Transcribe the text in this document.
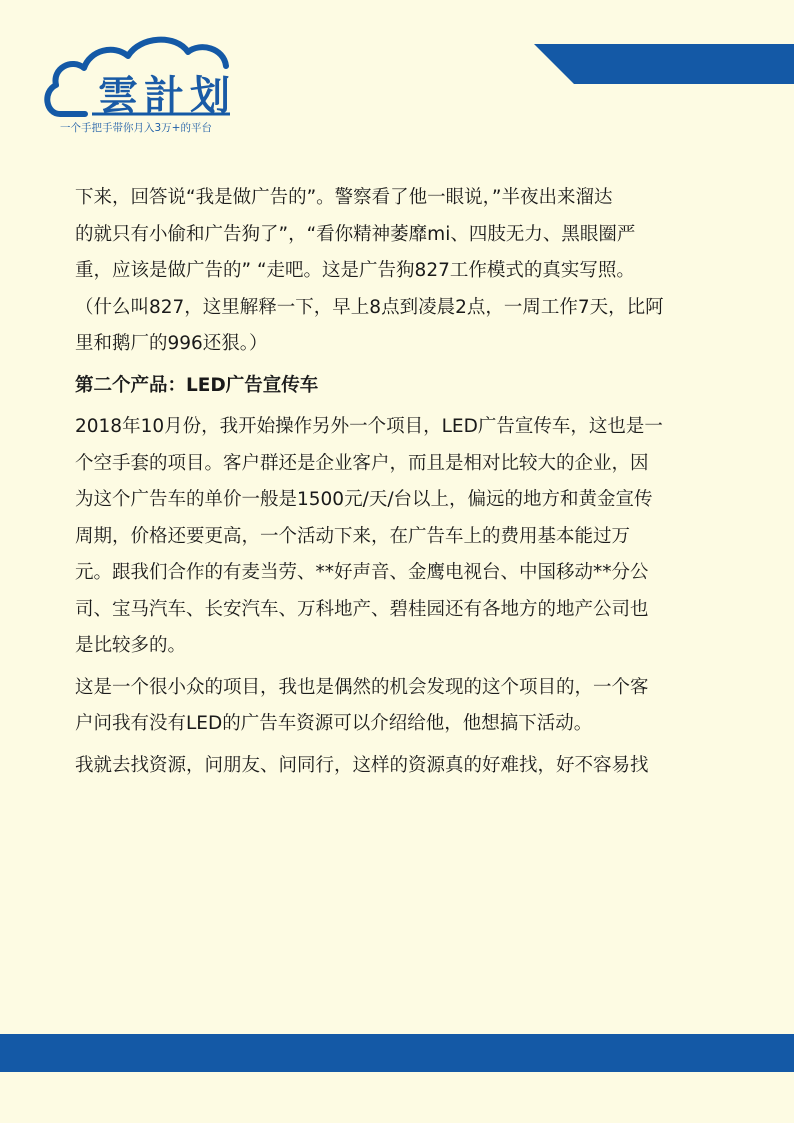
雲計划
一个手把手带你月入3万+的平台

下来，回答说“我是做广告的”。警察看了他一眼说，”半夜出来溜达
的就只有小偷和广告狗了”，“看你精神萎靡mi、四肢无力、黑眼圈严
重，应该是做广告的” “走吧。这是广告狗827工作模式的真实写照。
（什么叫827，这里解释一下，早上8点到凌晨2点，一周工作7天，比阿
里和鹅厂的996还狠。）

第二个产品：LED广告宣传车

2018年10月份，我开始操作另外一个项目，LED广告宣传车，这也是一
个空手套的项目。客户群还是企业客户，而且是相对比较大的企业，因
为这个广告车的单价一般是1500元/天/台以上，偏远的地方和黄金宣传
周期，价格还要更高，一个活动下来，在广告车上的费用基本能过万
元。跟我们合作的有麦当劳、**好声音、金鹰电视台、中国移动**分公
司、宝马汽车、长安汽车、万科地产、碧桂园还有各地方的地产公司也
是比较多的。

这是一个很小众的项目，我也是偶然的机会发现的这个项目的，一个客
户问我有没有LED的广告车资源可以介绍给他，他想搞下活动。

我就去找资源，问朋友、问同行，这样的资源真的好难找，好不容易找
